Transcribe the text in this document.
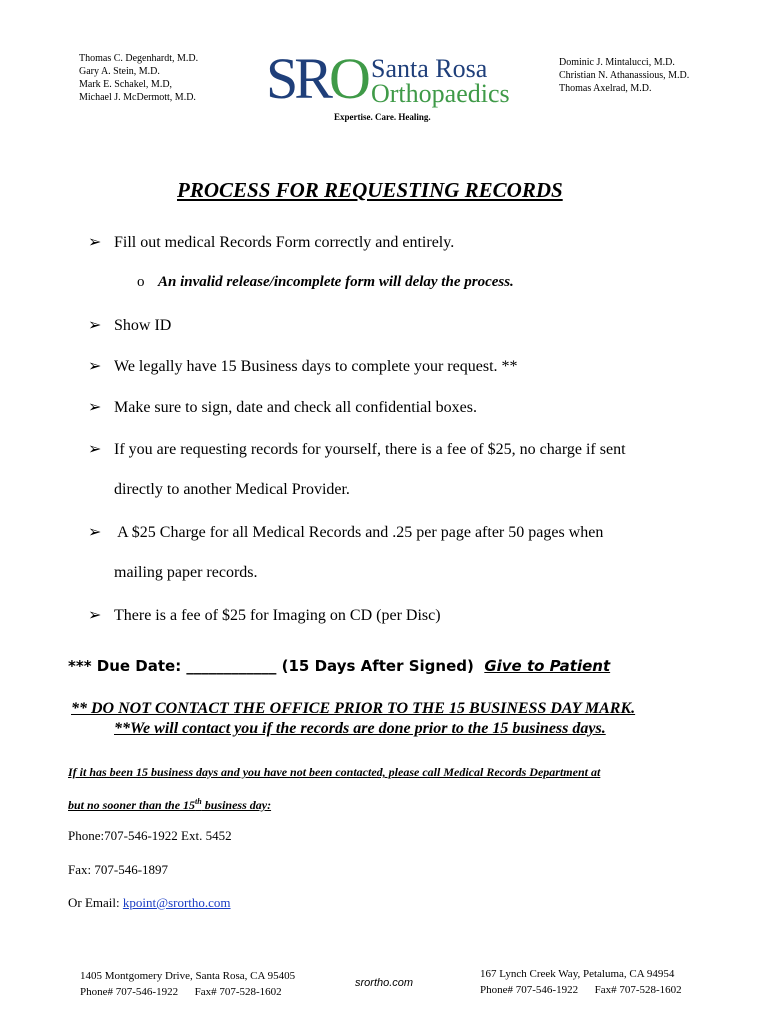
Thomas C. Degenhardt, M.D.
Gary A. Stein, M.D.
Mark E. Schakel, M.D,
Michael J. McDermott, M.D. SRO Santa Rosa
Orthopaedics
Expertise. Care. Healing.
Dominic J. Mintalucci, M.D.
Christian N. Athanassious, M.D.
Thomas Axelrad, M.D.
PROCESS FOR REQUESTING RECORDS
➢ Fill out medical Records Form correctly and entirely.
o An invalid release/incomplete form will delay the process.
➢ Show ID
➢ We legally have 15 Business days to complete your request. **
➢ Make sure to sign, date and check all confidential boxes.
➢ If you are requesting records for yourself, there is a fee of $25, no charge if sent
directly to another Medical Provider.
➢ A $25 Charge for all Medical Records and .25 per page after 50 pages when
mailing paper records.
➢ There is a fee of $25 for Imaging on CD (per Disc)
*** Due Date: ____________ (15 Days After Signed) Give to Patient
** DO NOT CONTACT THE OFFICE PRIOR TO THE 15 BUSINESS DAY MARK.
**We will contact you if the records are done prior to the 15 business days.
If it has been 15 business days and you have not been contacted, please call Medical Records Department at
but no sooner than the 15th business day:
Phone:707-546-1922 Ext. 5452
Fax: 707-546-1897
Or Email: kpoint@srortho.com
1405 Montgomery Drive, Santa Rosa, CA 95405
Phone# 707-546-1922      Fax# 707-528-1602
srortho.com
167 Lynch Creek Way, Petaluma, CA 94954
Phone# 707-546-1922      Fax# 707-528-1602
